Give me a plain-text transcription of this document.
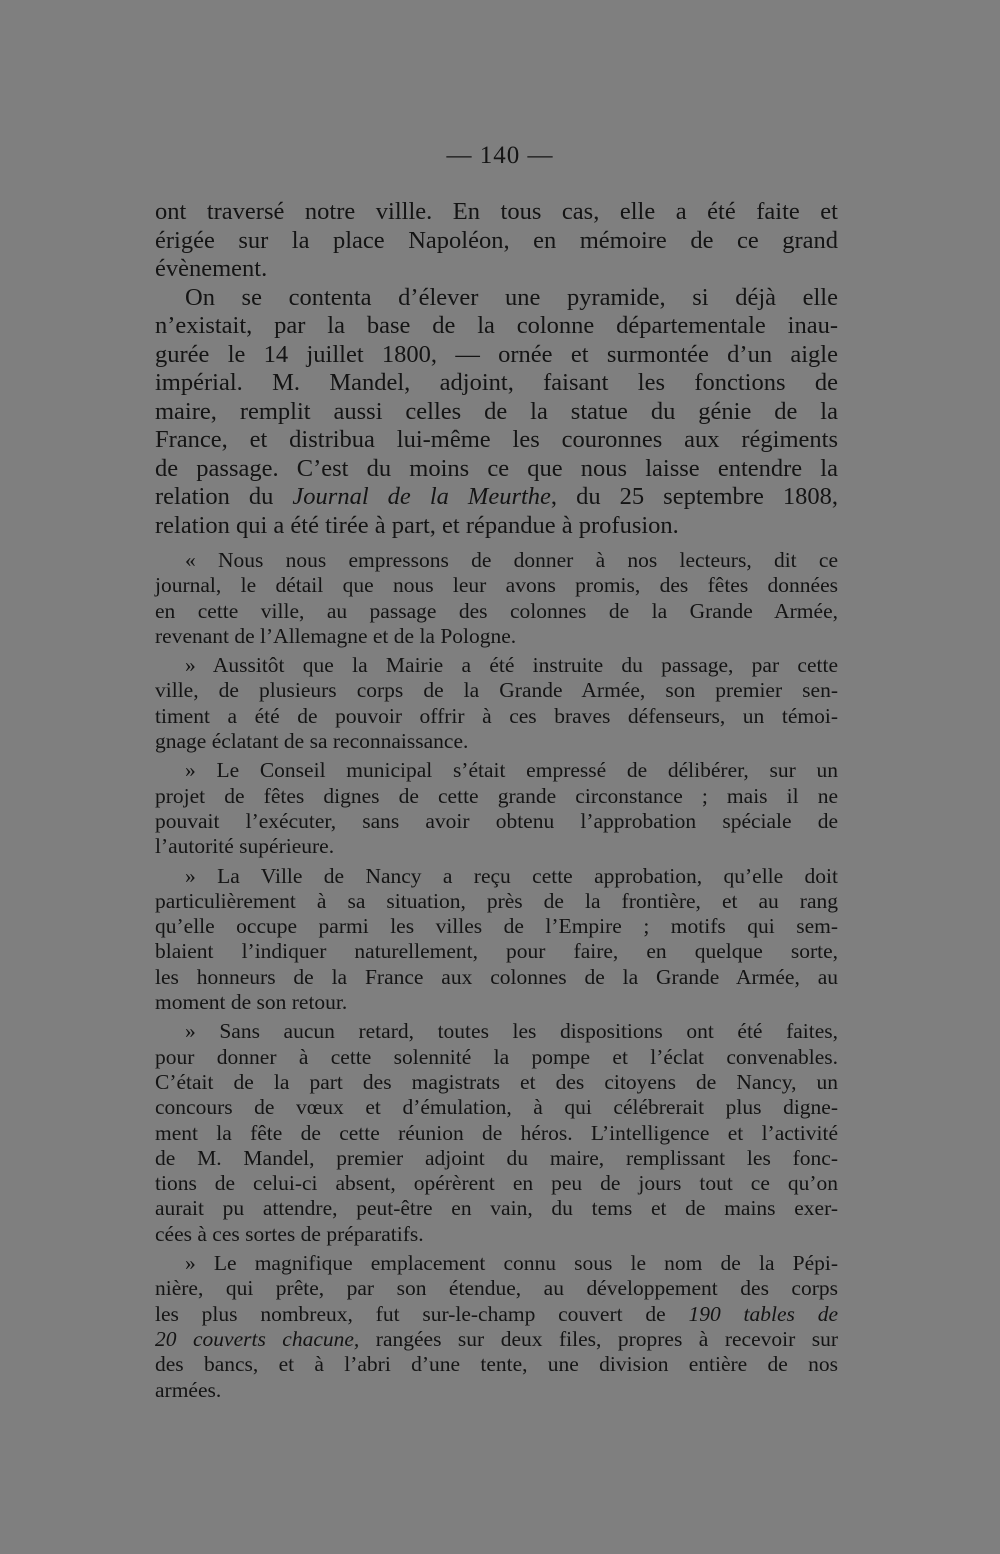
— 140 —

ont traversé notre villle. En tous cas, elle a été faite et
érigée sur la place Napoléon, en mémoire de ce grand
évènement.

On se contenta d’élever une pyramide, si déjà elle
n’existait, par la base de la colonne départementale inau-
gurée le 14 juillet 1800, — ornée et surmontée d’un aigle
impérial. M. Mandel, adjoint, faisant les fonctions de
maire, remplit aussi celles de la statue du génie de la
France, et distribua lui-même les couronnes aux régiments
de passage. C’est du moins ce que nous laisse entendre la
relation du Journal de la Meurthe, du 25 septembre 1808,
relation qui a été tirée à part, et répandue à profusion.

« Nous nous empressons de donner à nos lecteurs, dit ce
journal, le détail que nous leur avons promis, des fêtes données
en cette ville, au passage des colonnes de la Grande Armée,
revenant de l’Allemagne et de la Pologne.

» Aussitôt que la Mairie a été instruite du passage, par cette
ville, de plusieurs corps de la Grande Armée, son premier sen-
timent a été de pouvoir offrir à ces braves défenseurs, un témoi-
gnage éclatant de sa reconnaissance.

» Le Conseil municipal s’était empressé de délibérer, sur un
projet de fêtes dignes de cette grande circonstance ; mais il ne
pouvait l’exécuter, sans avoir obtenu l’approbation spéciale de
l’autorité supérieure.

» La Ville de Nancy a reçu cette approbation, qu’elle doit
particulièrement à sa situation, près de la frontière, et au rang
qu’elle occupe parmi les villes de l’Empire ; motifs qui sem-
blaient l’indiquer naturellement, pour faire, en quelque sorte,
les honneurs de la France aux colonnes de la Grande Armée, au
moment de son retour.

» Sans aucun retard, toutes les dispositions ont été faites,
pour donner à cette solennité la pompe et l’éclat convenables.
C’était de la part des magistrats et des citoyens de Nancy, un
concours de vœux et d’émulation, à qui célébrerait plus digne-
ment la fête de cette réunion de héros. L’intelligence et l’activité
de M. Mandel, premier adjoint du maire, remplissant les fonc-
tions de celui-ci absent, opérèrent en peu de jours tout ce qu’on
aurait pu attendre, peut-être en vain, du tems et de mains exer-
cées à ces sortes de préparatifs.

» Le magnifique emplacement connu sous le nom de la Pépi-
nière, qui prête, par son étendue, au développement des corps
les plus nombreux, fut sur-le-champ couvert de 190 tables de
20 couverts chacune, rangées sur deux files, propres à recevoir sur
des bancs, et à l’abri d’une tente, une division entière de nos
armées.
